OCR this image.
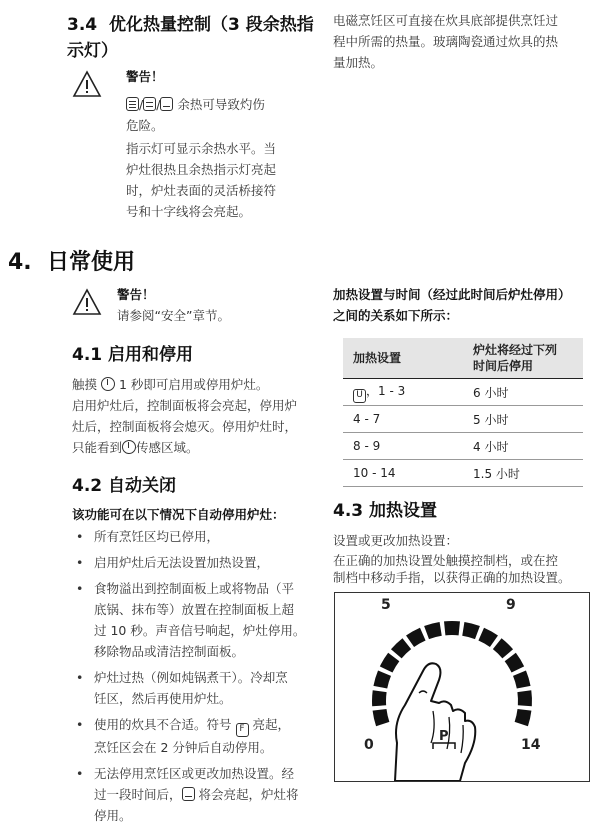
3.4 优化热量控制（3 段余热指
示灯）
警告！
/ / 余热可导致灼伤
危险。
指示灯可显示余热水平。当
炉灶很热且余热指示灯亮起
时，炉灶表面的灵活桥接符
号和十字线将会亮起。
4. 日常使用
警告！
请参阅“安全”章节。
4.1 启用和停用
触摸 1 秒即可启用或停用炉灶。
启用炉灶后，控制面板将会亮起，停用炉
灶后，控制面板将会熄灭。停用炉灶时，
只能看到 传感区域。
4.2 自动关闭
该功能可在以下情况下自动停用炉灶：
• 所有烹饪区均已停用，
• 启用炉灶后无法设置加热设置，
• 食物溢出到控制面板上或将物品（平
底锅、抹布等）放置在控制面板上超
过 10 秒。声音信号响起，炉灶停用。
移除物品或清洁控制面板。
• 炉灶过热（例如炖锅煮干）。冷却烹
饪区，然后再使用炉灶。
• 使用的炊具不合适。符号 F 亮起，
烹饪区会在 2 分钟后自动停用。
• 无法停用烹饪区或更改加热设置。经
过一段时间后， 将会亮起，炉灶将
停用。
电磁烹饪区可直接在炊具底部提供烹饪过
程中所需的热量。玻璃陶瓷通过炊具的热
量加热。
加热设置与时间（经过此时间后炉灶停用）
之间的关系如下所示：
加热设置	炉灶将经过下列
时间后停用

U ，1 - 3	6 小时
4 - 7	5 小时
8 - 9	4 小时
10 - 14	1.5 小时
4.3 加热设置
设置或更改加热设置：
在正确的加热设置处触摸控制档，或在控
制档中移动手指，以获得正确的加热设置。
5	9
0	14
P
